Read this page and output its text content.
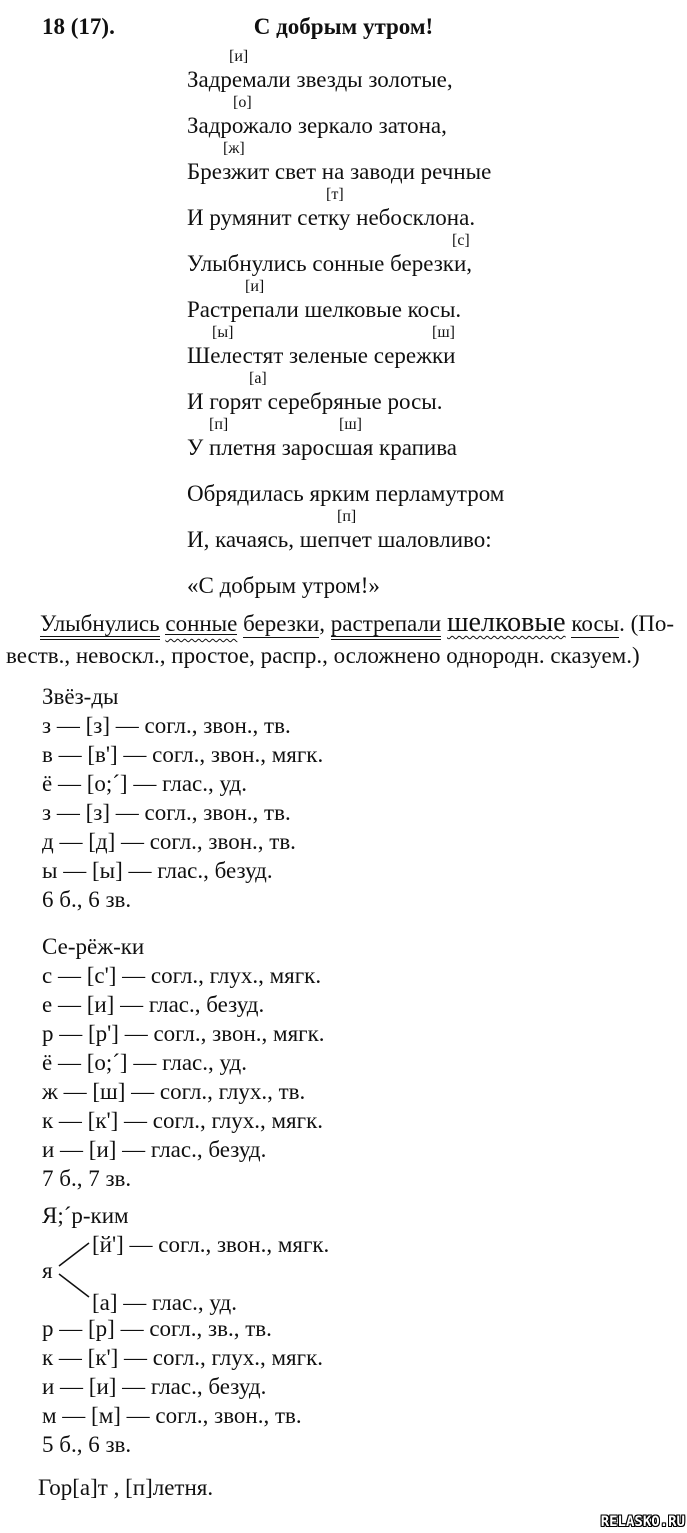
18 (17).	С добрым утром!
[и]
Задремали звезды золотые,
[о]
Задрожало зеркало затона,
[ж]
Брезжит свет на заводи речные
[т]
И румянит сетку небосклона.
[с]
Улыбнулись сонные березки,
[и]
Растрепали шелковые косы.
[ы]	[ш]
Шелестят зеленые сережки
[а]
И горят серебряные росы.
[п]	[ш]
У плетня заросшая крапива
Обрядилась ярким перламутром
[п]
И, качаясь, шепчет шаловливо:
«С добрым утром!»
Улыбнулись сонные березки, растрепали шелковые косы. (По-
веств., невоскл., простое, распр., осложнено однородн. сказуем.)
Звёз-ды
з — [з] — согл., звон., тв.
в — [в'] — согл., звон., мягк.
ё — [о;´] — глас., уд.
з — [з] — согл., звон., тв.
д — [д] — согл., звон., тв.
ы — [ы] — глас., безуд.
6 б., 6 зв.
Се-рёж-ки
с — [с'] — согл., глух., мягк.
е — [и] — глас., безуд.
р — [р'] — согл., звон., мягк.
ё — [о;´] — глас., уд.
ж — [ш] — согл., глух., тв.
к — [к'] — согл., глух., мягк.
и — [и] — глас., безуд.
7 б., 7 зв.
Я;´р-ким
я
[й'] — согл., звон., мягк.
[а] — глас., уд.
р — [р] — согл., зв., тв.
к — [к'] — согл., глух., мягк.
и — [и] — глас., безуд.
м — [м] — согл., звон., тв.
5 б., 6 зв.
Гор[а]т , [п]летня.
RELASKO.RU
